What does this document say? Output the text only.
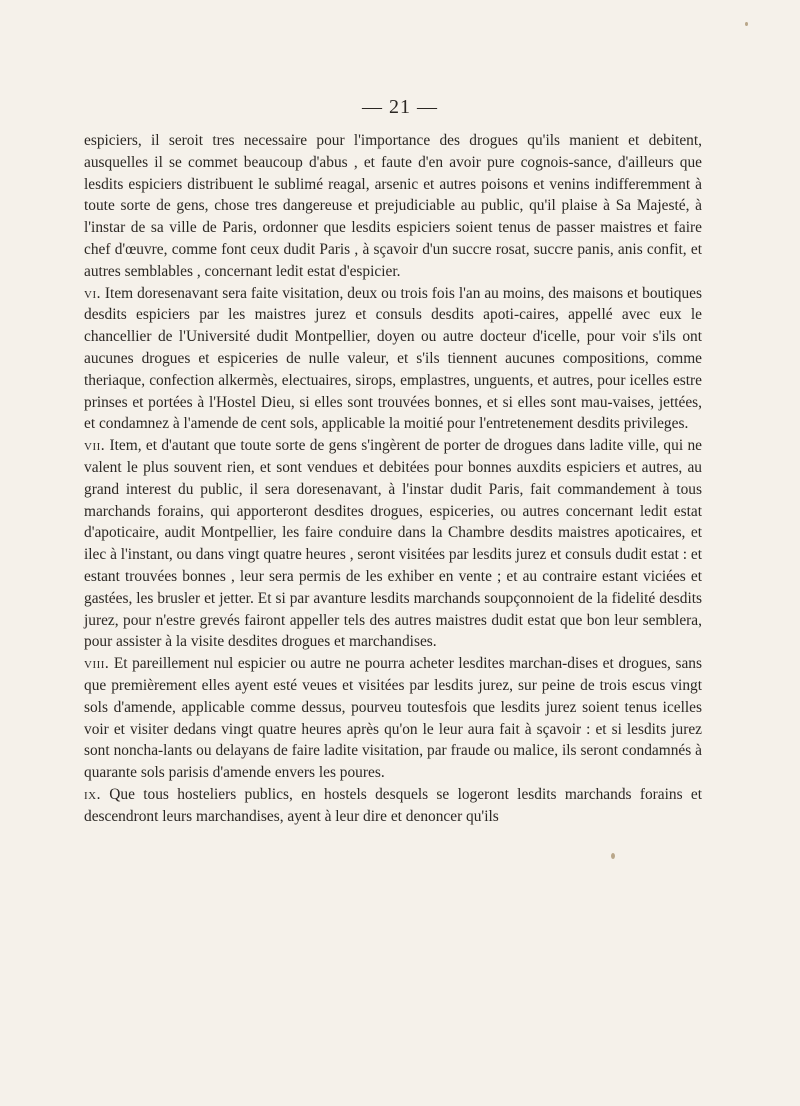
— 21 —

espiciers, il seroit tres necessaire pour l'importance des drogues qu'ils manient et debitent, ausquelles il se commet beaucoup d'abus , et faute d'en avoir pure cognois-sance, d'ailleurs que lesdits espiciers distribuent le sublimé reagal, arsenic et autres poisons et venins indifferemment à toute sorte de gens, chose tres dangereuse et prejudiciable au public, qu'il plaise à Sa Majesté, à l'instar de sa ville de Paris, ordonner que lesdits espiciers soient tenus de passer maistres et faire chef d'œuvre, comme font ceux dudit Paris , à sçavoir d'un succre rosat, succre panis, anis confit, et autres semblables , concernant ledit estat d'espicier.

vi. Item doresenavant sera faite visitation, deux ou trois fois l'an au moins, des maisons et boutiques desdits espiciers par les maistres jurez et consuls desdits apoti-caires, appellé avec eux le chancellier de l'Université dudit Montpellier, doyen ou autre docteur d'icelle, pour voir s'ils ont aucunes drogues et espiceries de nulle valeur, et s'ils tiennent aucunes compositions, comme theriaque, confection alkermès, electuaires, sirops, emplastres, unguents, et autres, pour icelles estre prinses et portées à l'Hostel Dieu, si elles sont trouvées bonnes, et si elles sont mau-vaises, jettées, et condamnez à l'amende de cent sols, applicable la moitié pour l'entretenement desdits privileges.

vii. Item, et d'autant que toute sorte de gens s'ingèrent de porter de drogues dans ladite ville, qui ne valent le plus souvent rien, et sont vendues et debitées pour bonnes auxdits espiciers et autres, au grand interest du public, il sera doresenavant, à l'instar dudit Paris, fait commandement à tous marchands forains, qui apporteront desdites drogues, espiceries, ou autres concernant ledit estat d'apoticaire, audit Montpellier, les faire conduire dans la Chambre desdits maistres apoticaires, et ilec à l'instant, ou dans vingt quatre heures , seront visitées par lesdits jurez et consuls dudit estat : et estant trouvées bonnes , leur sera permis de les exhiber en vente ; et au contraire estant viciées et gastées, les brusler et jetter. Et si par avanture lesdits marchands soupçonnoient de la fidelité desdits jurez, pour n'estre grevés fairont appeller tels des autres maistres dudit estat que bon leur semblera, pour assister à la visite desdites drogues et marchandises.

viii. Et pareillement nul espicier ou autre ne pourra acheter lesdites marchan-dises et drogues, sans que premièrement elles ayent esté veues et visitées par lesdits jurez, sur peine de trois escus vingt sols d'amende, applicable comme dessus, pourveu toutesfois que lesdits jurez soient tenus icelles voir et visiter dedans vingt quatre heures après qu'on le leur aura fait à sçavoir : et si lesdits jurez sont noncha-lants ou delayans de faire ladite visitation, par fraude ou malice, ils seront condamnés à quarante sols parisis d'amende envers les poures.

ix. Que tous hosteliers publics, en hostels desquels se logeront lesdits marchands forains et descendront leurs marchandises, ayent à leur dire et denoncer qu'ils
